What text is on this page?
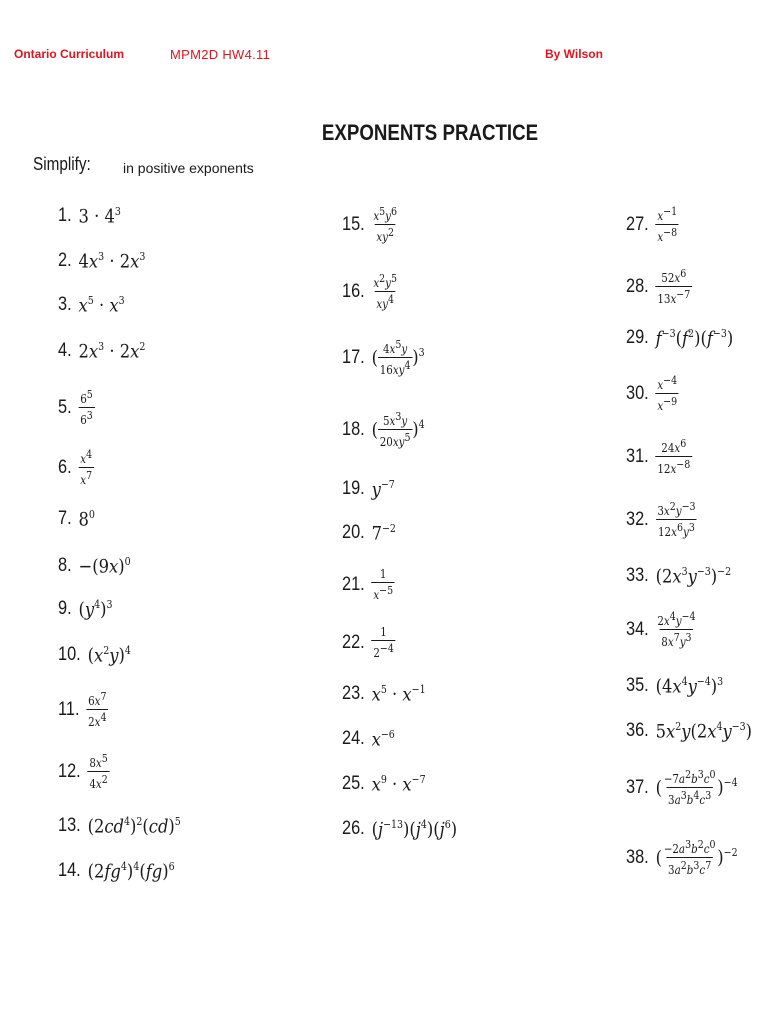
Ontario Curriculum	MPM2D HW4.11	By Wilson
EXPONENTS PRACTICE
Simplify: in positive exponents
1. $3 \cdot 4^3$
2. $4x^3 \cdot 2x^3$
3. $x^5 \cdot x^3$
4. $2x^3 \cdot 2x^2$
5. $\frac{6^5}{6^3}$
6. $\frac{x^4}{x^7}$
7. $8^0$
8. $-(9x)^0$
9. $(y^4)^3$
10. $(x^2y)^4$
11. $\frac{6x^7}{2x^4}$
12. $\frac{8x^5}{4x^2}$
13. $(2cd^4)^2(cd)^5$
14. $(2fg^4)^4(fg)^6$
15. $\frac{x^5y^6}{xy^2}$
16. $\frac{x^2y^5}{xy^4}$
17. ( $\frac{4x^5y}{16xy^4} )^3$
18. ( $\frac{5x^3y}{20xy^5} )^4$
19. $y^{-7}$
20. $7^{-2}$
21. $\frac{1}{x^{-5}}$
22. $\frac{1}{2^{-4}}$
23. $x^5 \cdot x^{-1}$
24. $x^{-6}$
25. $x^9 \cdot x^{-7}$
26. $(j^{-13})(j^4)(j^6)$
27. $\frac{x^{-1}}{x^{-8}}$
28. $\frac{52x^6}{13x^{-7}}$
29. $f^{-3}(f^2)(f^{-3})$
30. $\frac{x^{-4}}{x^{-9}}$
31. $\frac{24x^6}{12x^{-8}}$
32. $\frac{3x^2y^{-3}}{12x^6y^3}$
33. $(2x^3y^{-3})^{-2}$
34. $\frac{2x^4y^{-4}}{8x^7y^3}$
35. $(4x^4y^{-4})^3$
36. $5x^2y(2x^4y^{-3})$
37. ( $\frac{-7a^2b^3c^0}{3a^3b^4c^3} )^{-4}$
38. ( $\frac{-2a^3b^2c^0}{3a^2b^3c^7} )^{-2}$
